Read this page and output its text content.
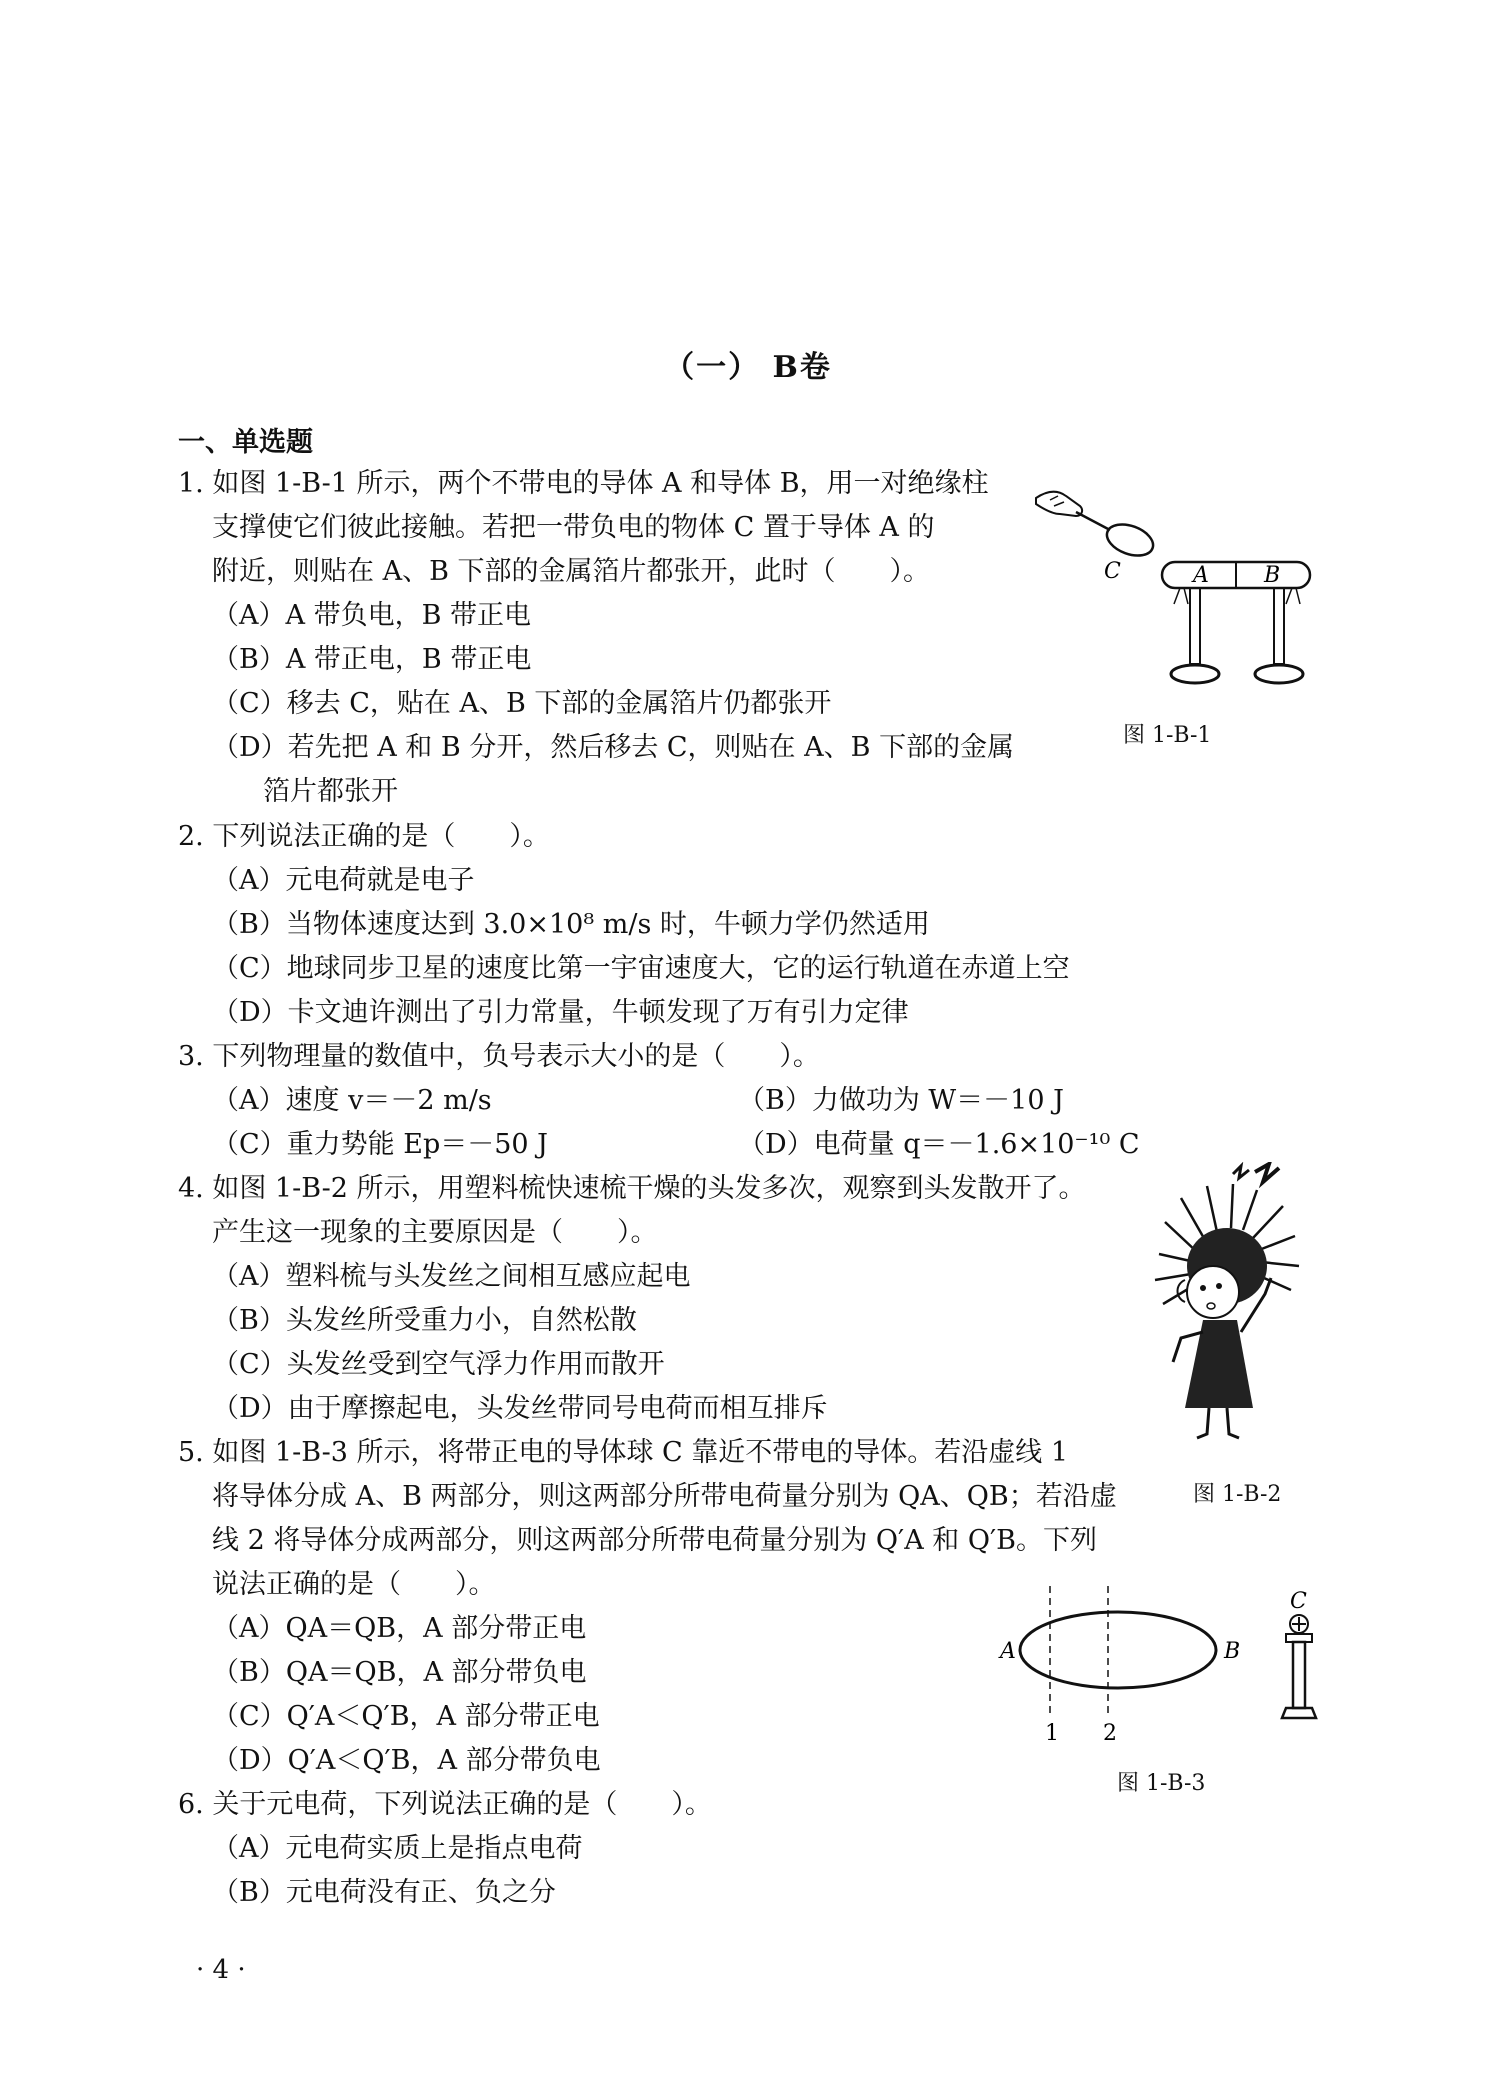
（一） B卷
一、单选题
1. 如图 1-B-1 所示，两个不带电的导体 A 和导体 B，用一对绝缘柱
支撑使它们彼此接触。若把一带负电的物体 C 置于导体 A 的
附近，则贴在 A、B 下部的金属箔片都张开，此时（　　）。
（A）A 带负电，B 带正电
（B）A 带正电，B 带正电
（C）移去 C，贴在 A、B 下部的金属箔片仍都张开
（D）若先把 A 和 B 分开，然后移去 C，则贴在 A、B 下部的金属
箔片都张开
2. 下列说法正确的是（　　）。
（A）元电荷就是电子
（B）当物体速度达到 3.0×10⁸ m/s 时，牛顿力学仍然适用
（C）地球同步卫星的速度比第一宇宙速度大，它的运行轨道在赤道上空
（D）卡文迪许测出了引力常量，牛顿发现了万有引力定律
3. 下列物理量的数值中，负号表示大小的是（　　）。
（A）速度 v＝－2 m/s	（B）力做功为 W＝－10 J
（C）重力势能 Ep＝－50 J	（D）电荷量 q＝－1.6×10⁻¹⁰ C
4. 如图 1-B-2 所示，用塑料梳快速梳干燥的头发多次，观察到头发散开了。
产生这一现象的主要原因是（　　）。
（A）塑料梳与头发丝之间相互感应起电
（B）头发丝所受重力小，自然松散
（C）头发丝受到空气浮力作用而散开
（D）由于摩擦起电，头发丝带同号电荷而相互排斥
5. 如图 1-B-3 所示，将带正电的导体球 C 靠近不带电的导体。若沿虚线 1
将导体分成 A、B 两部分，则这两部分所带电荷量分别为 QA、QB；若沿虚
线 2 将导体分成两部分，则这两部分所带电荷量分别为 Q′A 和 Q′B。下列
说法正确的是（　　）。
（A）QA＝QB，A 部分带正电
（B）QA＝QB，A 部分带负电
（C）Q′A＜Q′B，A 部分带正电
（D）Q′A＜Q′B，A 部分带负电
6. 关于元电荷，下列说法正确的是（　　）。
（A）元电荷实质上是指点电荷
（B）元电荷没有正、负之分
C	A	B
图 1-B-1
图 1-B-2
A	B
1 2
C
图 1-B-3
· 4 ·
